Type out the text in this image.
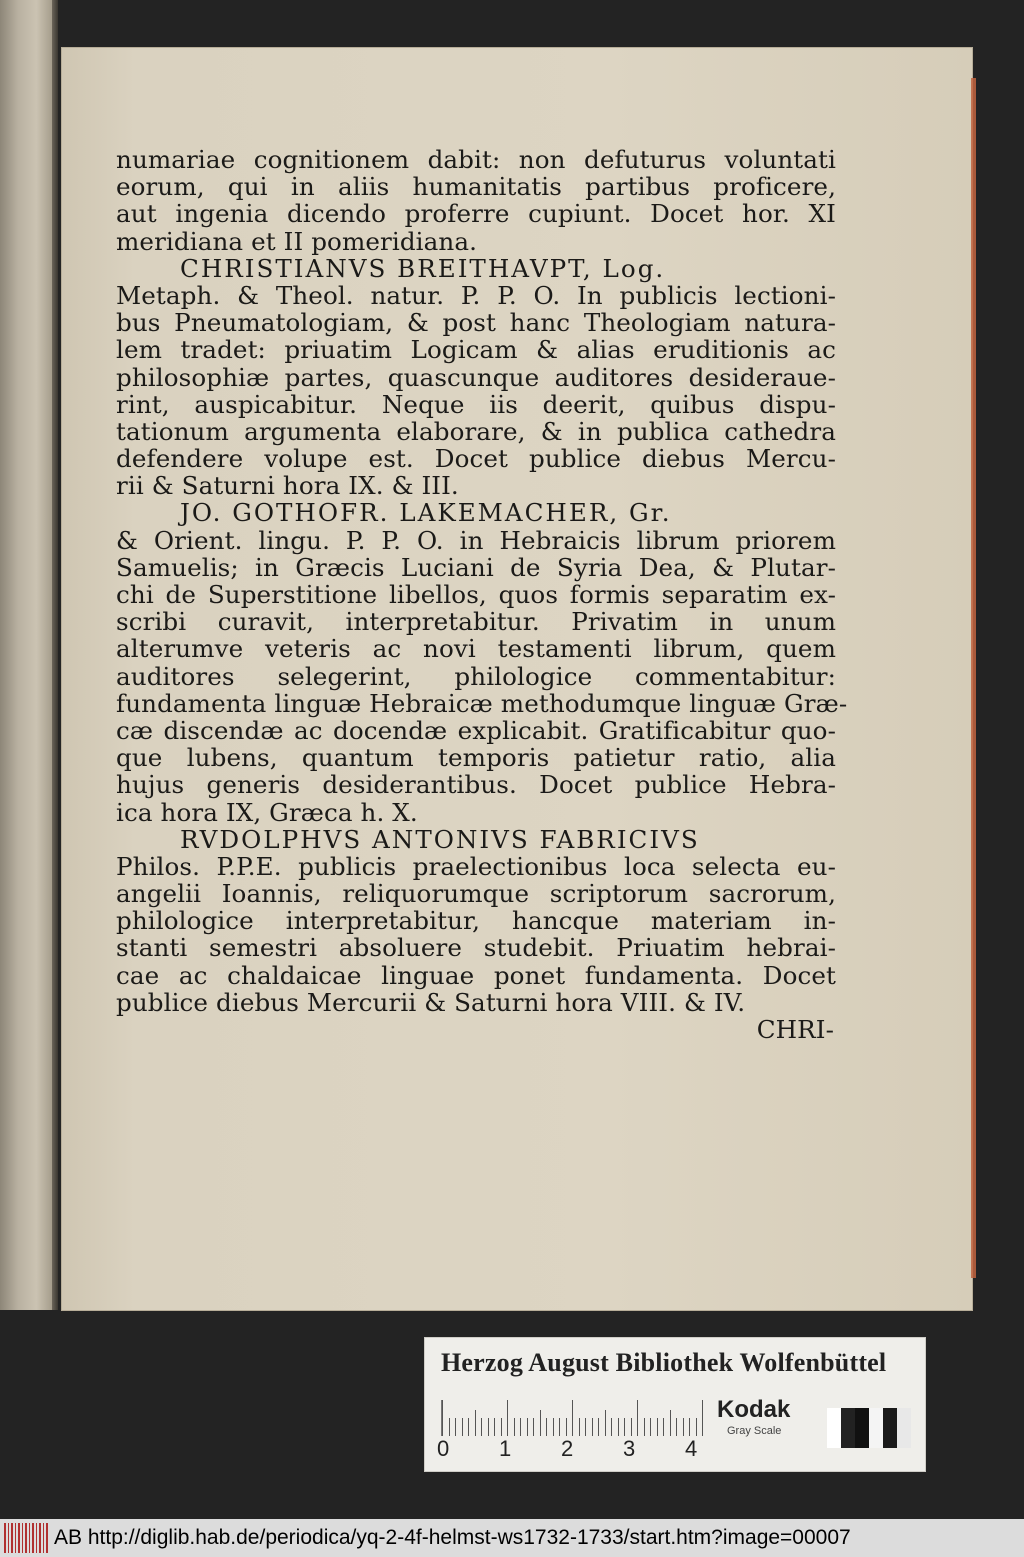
numariae cognitionem dabit: non defuturus voluntati
eorum, qui in aliis humanitatis partibus proficere,
aut ingenia dicendo proferre cupiunt. Docet hor. XI
meridiana et II pomeridiana.
CHRISTIANVS BREITHAVPT, Log.
Metaph. & Theol. natur. P. P. O. In publicis lectioni-
bus Pneumatologiam, & post hanc Theologiam natura-
lem tradet: priuatim Logicam & alias eruditionis ac
philosophiæ partes, quascunque auditores desideraue-
rint, auspicabitur. Neque iis deerit, quibus dispu-
tationum argumenta elaborare, & in publica cathedra
defendere volupe est. Docet publice diebus Mercu-
rii & Saturni hora IX. & III.
JO. GOTHOFR. LAKEMACHER, Gr.
& Orient. lingu. P. P. O. in Hebraicis librum priorem
Samuelis; in Græcis Luciani de Syria Dea, & Plutar-
chi de Superstitione libellos, quos formis separatim ex-
scribi curavit, interpretabitur. Privatim in unum
alterumve veteris ac novi testamenti librum, quem
auditores selegerint, philologice commentabitur:
fundamenta linguæ Hebraicæ methodumque linguæ Græ-
cæ discendæ ac docendæ explicabit. Gratificabitur quo-
que lubens, quantum temporis patietur ratio, alia
hujus generis desiderantibus. Docet publice Hebra-
ica hora IX, Græca h. X.
RVDOLPHVS ANTONIVS FABRICIVS
Philos. P.P.E. publicis praelectionibus loca selecta eu-
angelii Ioannis, reliquorumque scriptorum sacrorum,
philologice interpretabitur, hancque materiam in-
stanti semestri absoluere studebit. Priuatim hebrai-
cae ac chaldaicae linguae ponet fundamenta. Docet
publice diebus Mercurii & Saturni hora VIII. & IV.
CHRI-
Herzog August Bibliothek Wolfenbüttel
0 1 2 3 4
Kodak
Gray Scale
AB http://diglib.hab.de/periodica/yq-2-4f-helmst-ws1732-1733/start.htm?image=00007
